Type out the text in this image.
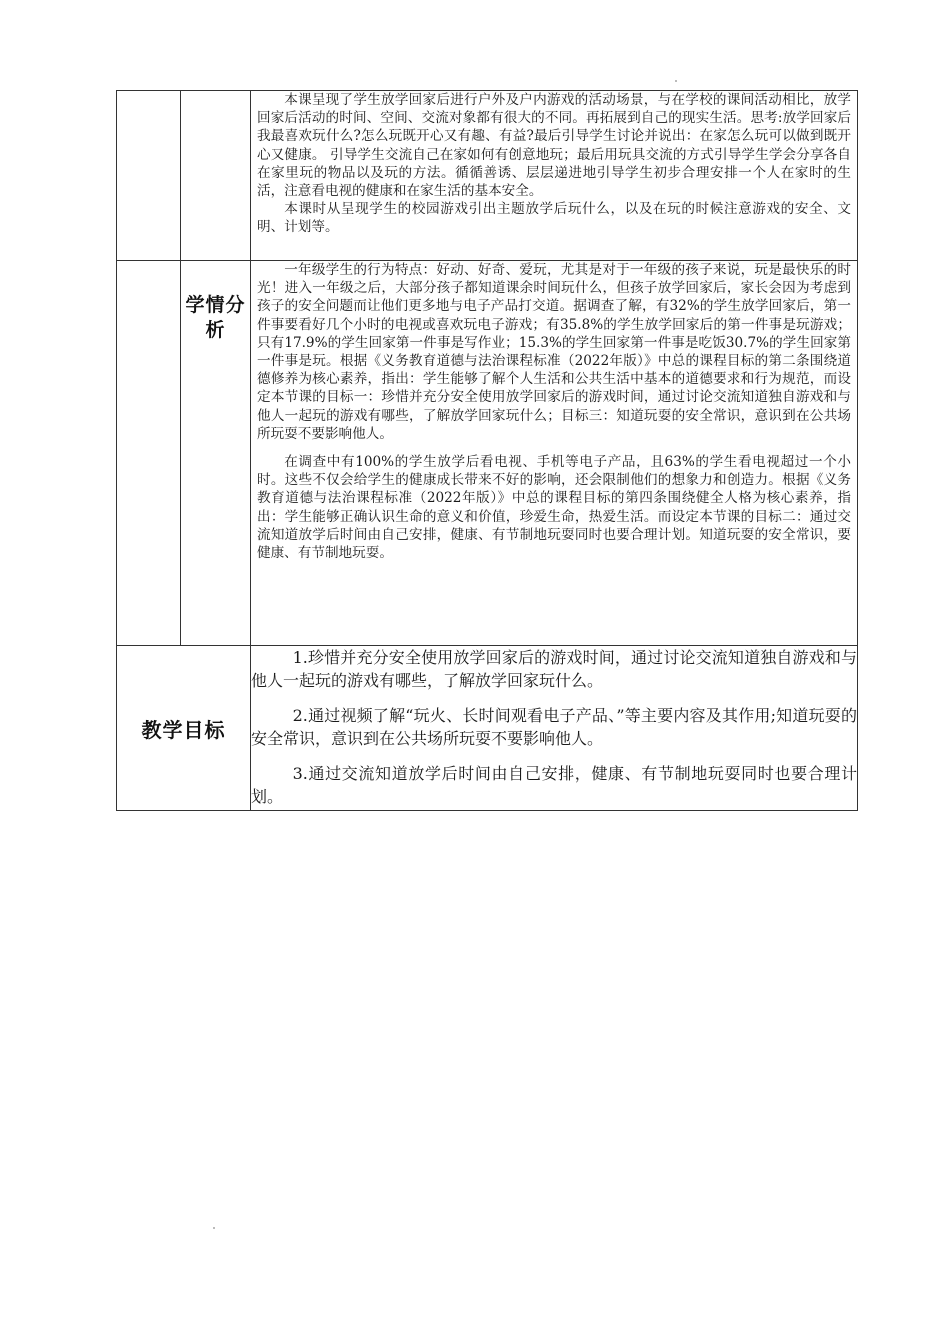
		本课呈现了学生放学回家后进行户外及户内游戏的活动场景，与在学校的课间活动相比，放学回家后活动的时间、空间、交流对象都有很大的不同。再拓展到自己的现实生活。思考:放学回家后我最喜欢玩什么?怎么玩既开心又有趣、有益?最后引导学生讨论并说出：在家怎么玩可以做到既开心又健康。 引导学生交流自己在家如何有创意地玩；最后用玩具交流的方式引导学生学会分享各自在家里玩的物品以及玩的方法。循循善诱、层层递进地引导学生初步合理安排一个人在家时的生活，注意看电视的健康和在家生活的基本安全。

本课时从呈现学生的校园游戏引出主题放学后玩什么，以及在玩的时候注意游戏的安全、文明、计划等。

	学情分析	一年级学生的行为特点：好动、好奇、爱玩，尤其是对于一年级的孩子来说，玩是最快乐的时光！进入一年级之后，大部分孩子都知道课余时间玩什么，但孩子放学回家后，家长会因为考虑到孩子的安全问题而让他们更多地与电子产品打交道。据调查了解，有32%的学生放学回家后，第一件事要看好几个小时的电视或喜欢玩电子游戏；有35.8%的学生放学回家后的第一件事是玩游戏；只有17.9%的学生回家第一件事是写作业；15.3%的学生回家第一件事是吃饭30.7%的学生回家第一件事是玩。根据《义务教育道德与法治课程标准（2022年版）》中总的课程目标的第二条围绕道德修养为核心素养，指出：学生能够了解个人生活和公共生活中基本的道德要求和行为规范，而设定本节课的目标一：珍惜并充分安全使用放学回家后的游戏时间，通过讨论交流知道独自游戏和与他人一起玩的游戏有哪些，了解放学回家玩什么；目标三：知道玩耍的安全常识，意识到在公共场所玩耍不要影响他人。

在调查中有100%的学生放学后看电视、手机等电子产品，且63%的学生看电视超过一个小时。这些不仅会给学生的健康成长带来不好的影响，还会限制他们的想象力和创造力。根据《义务教育道德与法治课程标准（2022年版）》中总的课程目标的第四条围绕健全人格为核心素养，指出：学生能够正确认识生命的意义和价值，珍爱生命，热爱生活。而设定本节课的目标二：通过交流知道放学后时间由自己安排，健康、有节制地玩耍同时也要合理计划。知道玩耍的安全常识，要健康、有节制地玩耍。

教学目标		1.珍惜并充分安全使用放学回家后的游戏时间，通过讨论交流知道独自游戏和与他人一起玩的游戏有哪些，了解放学回家玩什么。

2.通过视频了解“玩火、长时间观看电子产品、”等主要内容及其作用;知道玩耍的安全常识，意识到在公共场所玩耍不要影响他人。

3.通过交流知道放学后时间由自己安排，健康、有节制地玩耍同时也要合理计划。
